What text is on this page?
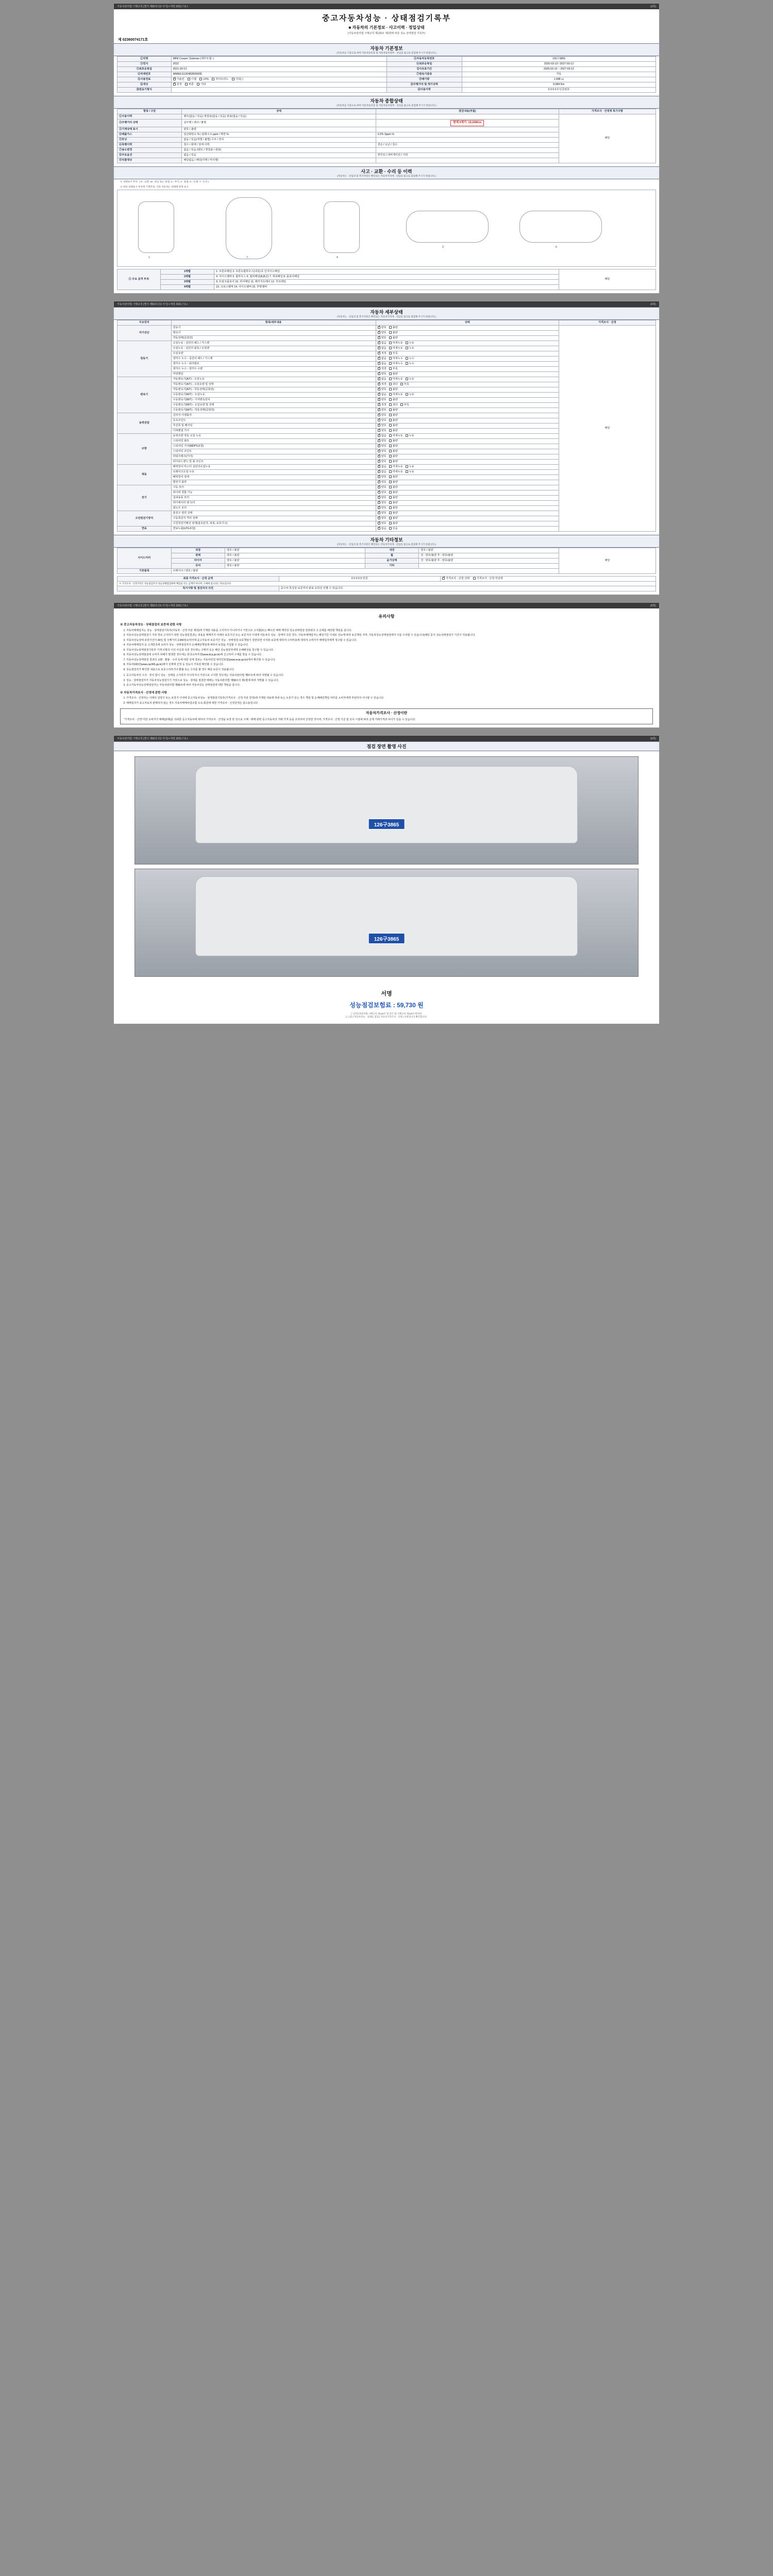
자동차관리법 시행규칙 [별지 제82호의3 서식] <개정 2021.7.5.>	(3쪽)
중고자동차성능 · 상태점검기록부
■ 자동차의 기본정보 · 사고이력 · 정밀상태
(자동차관리법 시행규칙 제120조 제1항에 따른 성능·상태점검 기록부)
제 02360074171호
자동차 기본정보
(자동차를 기준으로 하여 자동차등록증 및 자동차등록원부 · 선임을 참고로 점검해 주시기 바랍니다.)
①차명	MINI Cooper Clubman (세부모델: )	②자동차등록번호	126구3865
③연식	2022	④최초등록일	2025-03-13 / 2027-03-12
⑤최초등록일	2021-03-13	검사유효기간	2025-03-13 ~ 2027-03-12
⑥차대번호	WMWLG120482R00095	⑦변속기종류	자동
⑧사용연료	✓가솔린 디젤 LPG 하이브리드 기타( )	⑨배기량	1,998 cc
⑪색상	✓원색 투톤 기타	⑫주행거리 및 계기상태	8,984 Km
⑩원동기형식		⑬사용이력	0 0 0 0 0 인증번호
자동차 종합상태
(자동차를 기준으로 하여 자동차등록증 및 자동차등록원부 · 선임을 참고로 점검해 주시기 바랍니다.)
항목 / 구분	상태	점검내용(부품)	가격조사 · 산정액 특기사항
①사용이력	렌트(없음 / 있음) 영업용(없음 / 있음) 관용(없음 / 있음)		해당
②주행거리 상태	실주행 / 과다 / 불명	현재 0계기: 19,349Km	
③기계상태 표시	양호 / 불량		
④배출가스	일산화탄소 % / 탄화수소 ppm / 매연 %	0.2% 3ppm %	
⑤튜닝	없음 / 있음(적법 / 불법) 구조 / 장치		
⑥특별이력	침수 / 화재 / 상태 이력	전손 / 도난 / 침수	
⑦용도변경	없음 / 있음 (렌트 / 영업용 / 관용)		
⑧주요옵션	없음 / 있음	썬루프 / 내비게이션 / 기타	
⑨리콜대상	해당없음 / 해당(이행 / 미이행)		
사고 · 교환 · 수리 등 이력
(자동차는 · 선임의 및 복기사항은 확인되는 자동차가치에 · 선임을 참고로 점검해 주시기 바랍니다.)
※ 상태표시 부호 : ( X : 교환, W : 판금 또는 용접, C : 부식, A : 흠집, U : 요철, T : 손상 )
※ 하단 상태표시 부호에 기재주의, 기타 자동차는 상태에 맞게 표시
1	7	4
3	6
② 주요 골격 부위	1레벨	1. 프론트패널 2. 프론트휠하우스(내측) 3. 인사이드패널	해당
	2레벨	4. 사이드멤버 5. 휠하우스 6. 필러패널(A,B,C) 7. 대쉬패널 8. 플로어패널	
	3레벨	9. 트렁크플로어 10. 리어패널 11. 패키지트레이 12. 루프레일	
	4레벨	13. 크로스멤버 14. 사이드멤버 15. 후방멤버	
자동차관리법 시행규칙 [별지 제82호의3 서식] <개정 2021.7.5.>	(4쪽)
자동차 세부상태
(자동차는 · 선임의 및 복기사항은 확인되는 자동차가치에 · 선임을 참고로 점검해 주시기 바랍니다.)
주요장치	항목/세부내용	상태	가격조사 · 산정
자기진단	원동기	✓양호 불량	해당
	변속기	✓양호 불량
	작동상태(공회전)	✓양호 불량
원동기	오일누유 - 실린더 헤드 / 가스켓	✓없음 미세누유 누유
	오일누유 - 실린더 블록 / 오일팬	✓없음 미세누유 누유
	오일유량	✓적정 부족
	냉각수 누수 - 실린더 헤드 / 가스켓	✓없음 미세누수 누수
	냉각수 누수 - 워터펌프	✓없음 미세누수 누수
	냉각수 누수 - 냉각수 수량	✓적정 부족
	커먼레일	✓양호 불량
변속기	자동변속기(A/T) - 오일누유	✓없음 미세누유 누유
	자동변속기(A/T) - 오일유량 및 상태	✓적정 과다 부족
	자동변속기(A/T) - 작동상태(공회전)	✓양호 불량
	수동변속기(M/T) - 오일누유	✓없음 미세누유 누유
	수동변속기(M/T) - 기어변속장치	✓양호 불량
	수동변속기(M/T) - 오일유량 및 상태	✓적정 과다 부족
	수동변속기(M/T) - 작동상태(공회전)	✓양호 불량
동력전달	클러치 어셈블리	✓양호 불량
	등속조인트	✓양호 불량
	추진축 및 베어링	✓양호 불량
	디퍼렌셜 기어	✓양호 불량
조향	동력조향 작동 오일 누유	✓없음 미세누유 누유
	스티어링 펌프	✓양호 불량
	스티어링 기어(MDPS포함)	✓양호 불량
	스티어링 조인트	✓양호 불량
	파워크랭크(기어)	✓양호 불량
	타이로드엔드 및 볼 조인트	✓양호 불량
제동	배력장치 마스터 실린더오일누유	✓없음 미세누유 누유
	브레이크오일 누유	✓없음 미세누유 누유
	배력장치 상태	✓양호 불량
	발전기 출력	✓양호 불량
전기	시동 모터	✓양호 불량
	와이퍼 결합 기능	✓양호 불량
	실내송풍 모터	✓양호 불량
	라디에이터 팬 모터	✓양호 불량
	윈도우 모터	✓양호 불량
고전원전기장치	충전구 절연 상태	✓양호 불량
	구동축전지 격리 상태	✓양호 불량
	고전원전기배선 상태(접속단자, 피복, 보호기구)	✓양호 불량
연료	연료누출(LPG포함)	✓없음 있음
자동차 기타정보
(자동차는 · 선임의 및 복기사항은 확인되는 자동차가치에 · 선임을 참고로 점검해 주시기 바랍니다.)
사이드미러	외장	양호 / 불량	내장	양호 / 불량	해당
	광택	양호 / 불량	휠	전 : 양호/불량 후 : 양호/불량	
	타이어	양호 / 불량	윤거상태	전 : 양호/불량 후 : 양호/불량	
	유리	양호 / 불량	기타		
기본품목	브레이크 / 양호 / 불량				
최종 가격조사 · 산정 금액	0 0 0 0 0 만원	✓가격조사 · 산정 선택 가격조사 · 산정 미선택
※ 가격조사 · 산정가격은 성능점검자가 성능상태점검하여 책임을 지는 금액이 아니며, 구매에 참고되는 자료입니다.		
특기사항 및 점검자의 의견	중고차 특성상 보증까지 완료 요하진 선별 수 있습니다.	
자동차관리법 시행규칙 [별지 제82호의3 서식] <개정 2021.7.5.>	(5쪽)
유의사항
※ 중고자동차성능 · 상태점검의 보증에 관한 사항
1. 자동차매매업자는 성능 · 상태점검기록부(자동차 · 산정 부분 제외)에 기재된 내용을 고지하지 아니하거나 거짓으로 고지할(또는 빠뜨린 매매 계약상 성능상태점검 결과와의 고 손해를 배상할 책임을 집니다.
2. 자동차성능상태점검기 거짓 정보 고지하기 위한 성능점검결과는 내용을 매매자가 아래의 보증기간 또는 보증거리 이내에 자동차의 성능 · 상태가 다른 경우, 자동차매매업자는 해당기간 이내로 성능에 따라 보증책임 지며, 자동차성능상태점검에서 이를 수리할 수 있습니다(해당 문서 성능상태점검기 기간이 적용됩니다.
3. 자동차성능상태 보장기간이 30일 및 주행거리 2,000킬로미터에 중고자동차 보증기간 성능 · 상태점검 보증책임이 상반되면 이자와 보증에 대하여 수리비용에 대하여 소비자가 매매업자에게 청구할 수 있습니다.
4. 자동차매매업자 등 고객만족에 소비자 성능 · 상태점검자의 손해배상책임에 대하여 보험을 가입할 수 있습니다.
5. 자동차성능상태점검기록부 기재 사항의 이의 사실과 다른 경우에는 구매자 등은 해당 성능점검자에게 손해배상을 청구할 수 있습니다.
6. 자동차성능상태점검에 소비자 피해가 발생한 경우에는 한국소비자원(www.kca.go.kr)에 신고하여 구제를 받을 수 있습니다.
7. 자동차성능상태점검 결과의 교환 · 환불 · 수리 등에 대한 상세 정보는 자동차민원 대국민포털(www.ecar.go.kr)에서 확인할 수 있습니다.
8. 자동차100년(www.car365.go.kr)에서 실제에 진정 등 성능이 기록된 확인할 수 있습니다.
9. 성능점검자가 확인한 내용으로 보증수리하거나 환불 또는 수리를 할 경우 해당 보증이 적용됩니다.
1. 중고자동차의 구조 · 장치 험이 성능 · 상태를 고지하지 아니하거나 거짓으로 고지한 경우에는 자동차관리법 제57조에 따라 처벌될 수 있습니다.
2. 성능 · 상태점검자가 자동차성능점검기기 거짓으로 성능 · 상태를 점검한 때에는 자동차관리법 제58조의 제1항에 따라 처벌될 수 있습니다.
3. 중고자동차성능상태점검자는 자동차관리법 제58조에 따라 자동차성능 상태점검에 대한 책임을 집니다.
※ 자동차가격조사 · 산정에 관한 사항
1. 가격조사 · 산정자는 이래의 설정기 또는 보장기 이내에 중고자동차성능 · 상태점검기록부(가격조사 · 산정 부분 한정)에 기재된 내용에 허위 또는 오류가 있는 경우 책임 및 손해배상책임 여부를 소비자에게 부담하지 아니할 수 있습니다.
2. 매매업자가 중고자동차 판매하지 않는 경우 자동차매매사업조합 소속 회원에 대한 가격조사 · 산정금액은 참고용입니다.
자동차가격조사 · 산정이란
"가격조사 · 산정"이란 소비자가 매매(판매)를 의뢰한 중고자동차에 대하여 가격조사 · 산정을 보장 한 것으로 구매 · 매매 관련 중고자동차의 거래 가격 등을 조사하여 산정한 것이며, 가격조사 · 산정 기준 및 조사 시점에 따라 실제 거래가격과 차이가 있을 수 있습니다.
자동차관리법 시행규칙 [별지 제82호의3 서식] <개정 2021.7.5.>	(6쪽)
점검 장면 촬영 사진
126구3865
126구3865
서명
성능점검보험료 : 59,730 원
[ㄱ]자동차관리법 시행규칙 제120조 및 같은 법 시행규칙 제120조에 따라
[ㄴ] 중고자동차성능 · 상태를 점검 [ 자동차가격조사 · 산정 ] 사항입니다 확인합니다.
